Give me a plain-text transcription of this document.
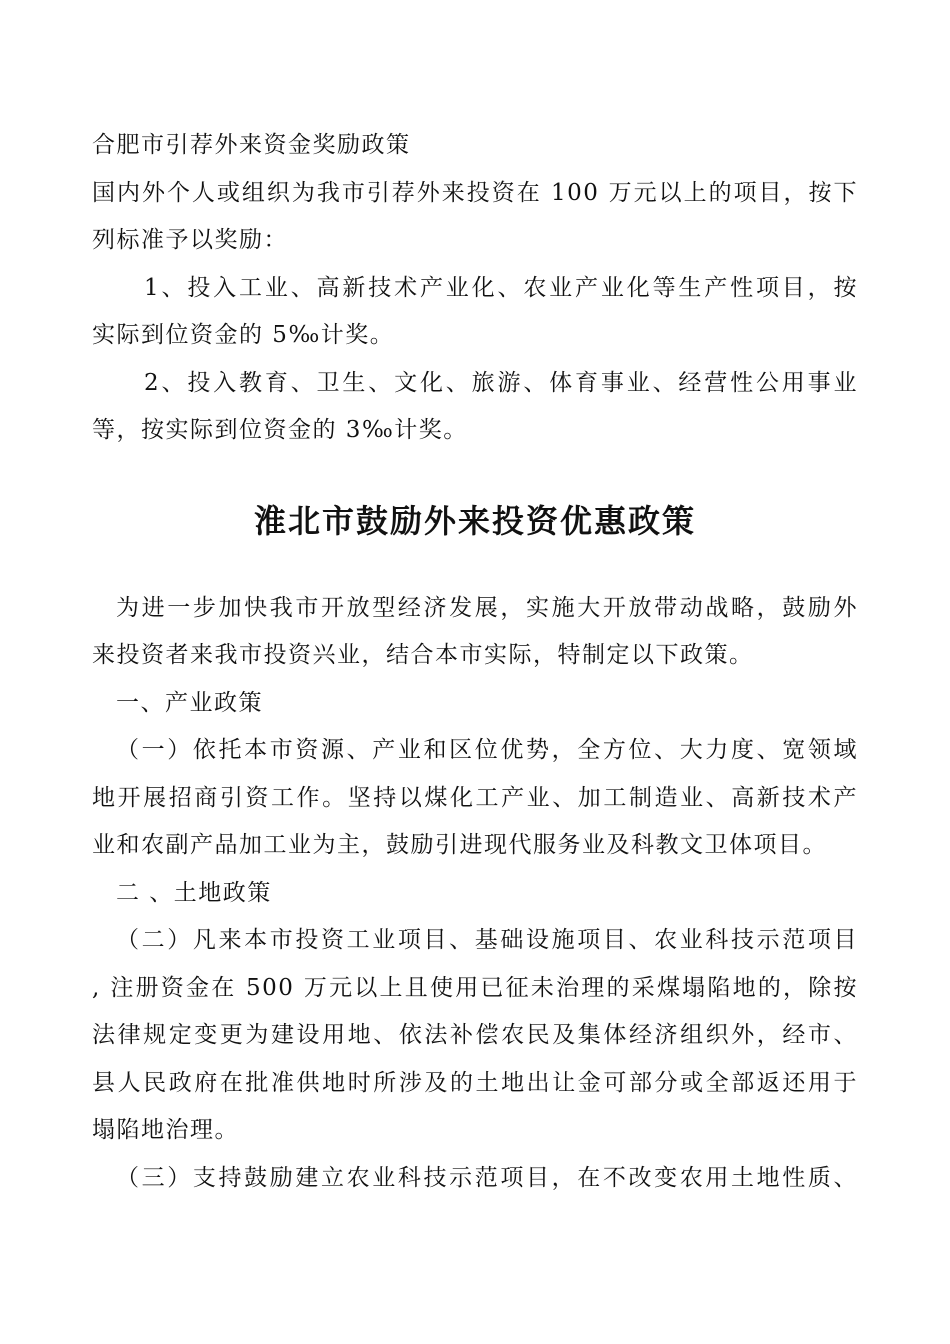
合肥市引荐外来资金奖励政策
国内外个人或组织为我市引荐外来投资在 100 万元以上的项目，按下
列标准予以奖励：
1、投入工业、高新技术产业化、农业产业化等生产性项目，按
实际到位资金的 5‰计奖。
2、投入教育、卫生、文化、旅游、体育事业、经营性公用事业
等，按实际到位资金的 3‰计奖。
淮北市鼓励外来投资优惠政策
为进一步加快我市开放型经济发展，实施大开放带动战略，鼓励外
来投资者来我市投资兴业，结合本市实际，特制定以下政策。
一、产业政策
（一）依托本市资源、产业和区位优势，全方位、大力度、宽领域
地开展招商引资工作。坚持以煤化工产业、加工制造业、高新技术产
业和农副产品加工业为主，鼓励引进现代服务业及科教文卫体项目。
二 、土地政策
（二）凡来本市投资工业项目、基础设施项目、农业科技示范项目
, 注册资金在 500 万元以上且使用已征未治理的采煤塌陷地的，除按
法律规定变更为建设用地、依法补偿农民及集体经济组织外，经市、
县人民政府在批准供地时所涉及的土地出让金可部分或全部返还用于
塌陷地治理。
（三）支持鼓励建立农业科技示范项目，在不改变农用土地性质、
